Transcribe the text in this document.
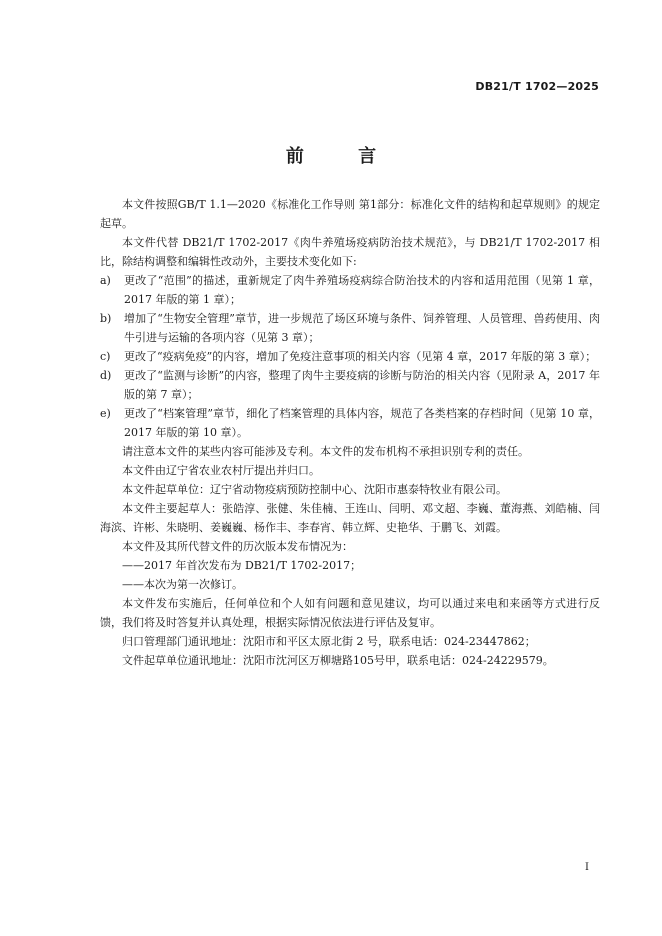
DB21/T 1702—2025
前 言

本文件按照GB/T 1.1—2020《标准化工作导则 第1部分：标准化文件的结构和起草规则》的规定起草。

本文件代替 DB21/T 1702-2017《肉牛养殖场疫病防治技术规范》，与 DB21/T 1702-2017 相比，除结构调整和编辑性改动外，主要技术变化如下:

a)	更改了“范围”的描述，重新规定了肉牛养殖场疫病综合防治技术的内容和适用范围（见第 1 章，2017 年版的第 1 章）；
b)	增加了“生物安全管理”章节，进一步规范了场区环境与条件、饲养管理、人员管理、兽药使用、肉牛引进与运输的各项内容（见第 3 章）；
c)	更改了“疫病免疫”的内容，增加了免疫注意事项的相关内容（见第 4 章，2017 年版的第 3 章）；
d)	更改了“监测与诊断”的内容，整理了肉牛主要疫病的诊断与防治的相关内容（见附录 A，2017 年版的第 7 章）；
e)	更改了“档案管理”章节，细化了档案管理的具体内容，规范了各类档案的存档时间（见第 10 章，2017 年版的第 10 章）。

请注意本文件的某些内容可能涉及专利。本文件的发布机构不承担识别专利的责任。

本文件由辽宁省农业农村厅提出并归口。

本文件起草单位：辽宁省动物疫病预防控制中心、沈阳市惠泰特牧业有限公司。

本文件主要起草人：张皓淳、张健、朱佳楠、王连山、闫明、邓文超、李巍、董海燕、刘皓楠、闫海滨、许彬、朱晓明、姜巍巍、杨作丰、李春宵、韩立辉、史艳华、于鹏飞、刘霞。

本文件及其所代替文件的历次版本发布情况为：

——2017 年首次发布为 DB21/T 1702-2017；

——本次为第一次修订。

本文件发布实施后，任何单位和个人如有问题和意见建议，均可以通过来电和来函等方式进行反馈，我们将及时答复并认真处理，根据实际情况依法进行评估及复审。

归口管理部门通讯地址：沈阳市和平区太原北街 2 号，联系电话：024-23447862；

文件起草单位通讯地址：沈阳市沈河区万柳塘路105号甲，联系电话：024-24229579。

I
